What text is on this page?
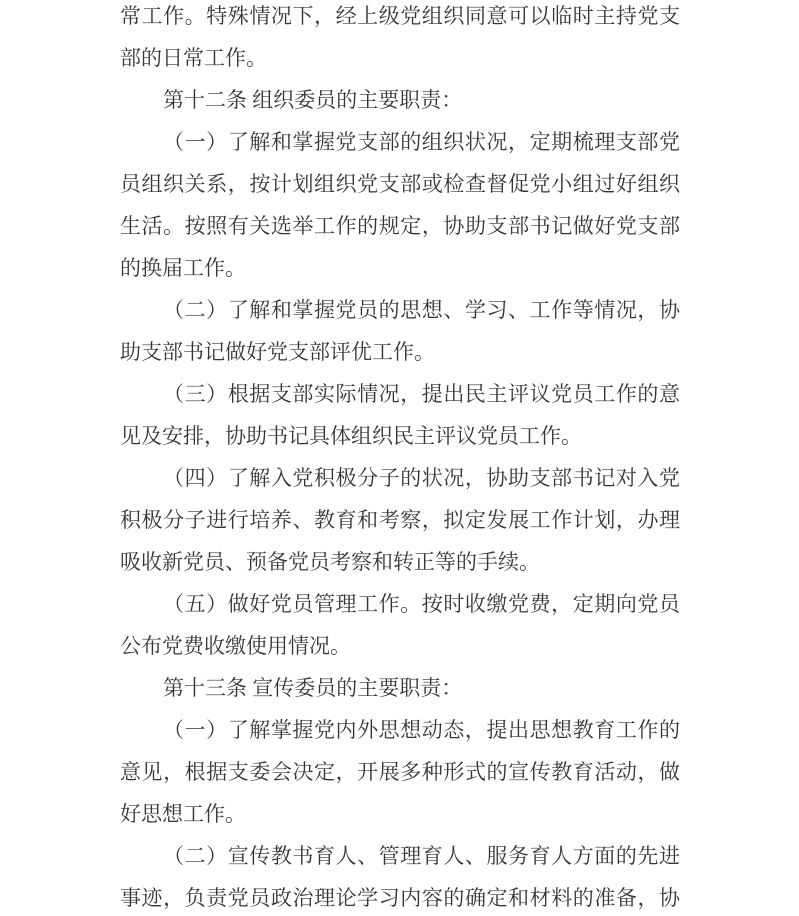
常工作。特殊情况下，经上级党组织同意可以临时主持党支
部的日常工作。
第十二条 组织委员的主要职责：
（一）了解和掌握党支部的组织状况，定期梳理支部党
员组织关系，按计划组织党支部或检查督促党小组过好组织
生活。按照有关选举工作的规定，协助支部书记做好党支部
的换届工作。
（二）了解和掌握党员的思想、学习、工作等情况，协
助支部书记做好党支部评优工作。
（三）根据支部实际情况，提出民主评议党员工作的意
见及安排，协助书记具体组织民主评议党员工作。
（四）了解入党积极分子的状况，协助支部书记对入党
积极分子进行培养、教育和考察，拟定发展工作计划，办理
吸收新党员、预备党员考察和转正等的手续。
（五）做好党员管理工作。按时收缴党费，定期向党员
公布党费收缴使用情况。
第十三条 宣传委员的主要职责：
（一）了解掌握党内外思想动态，提出思想教育工作的
意见，根据支委会决定，开展多种形式的宣传教育活动，做
好思想工作。
（二）宣传教书育人、管理育人、服务育人方面的先进
事迹，负责党员政治理论学习内容的确定和材料的准备，协
